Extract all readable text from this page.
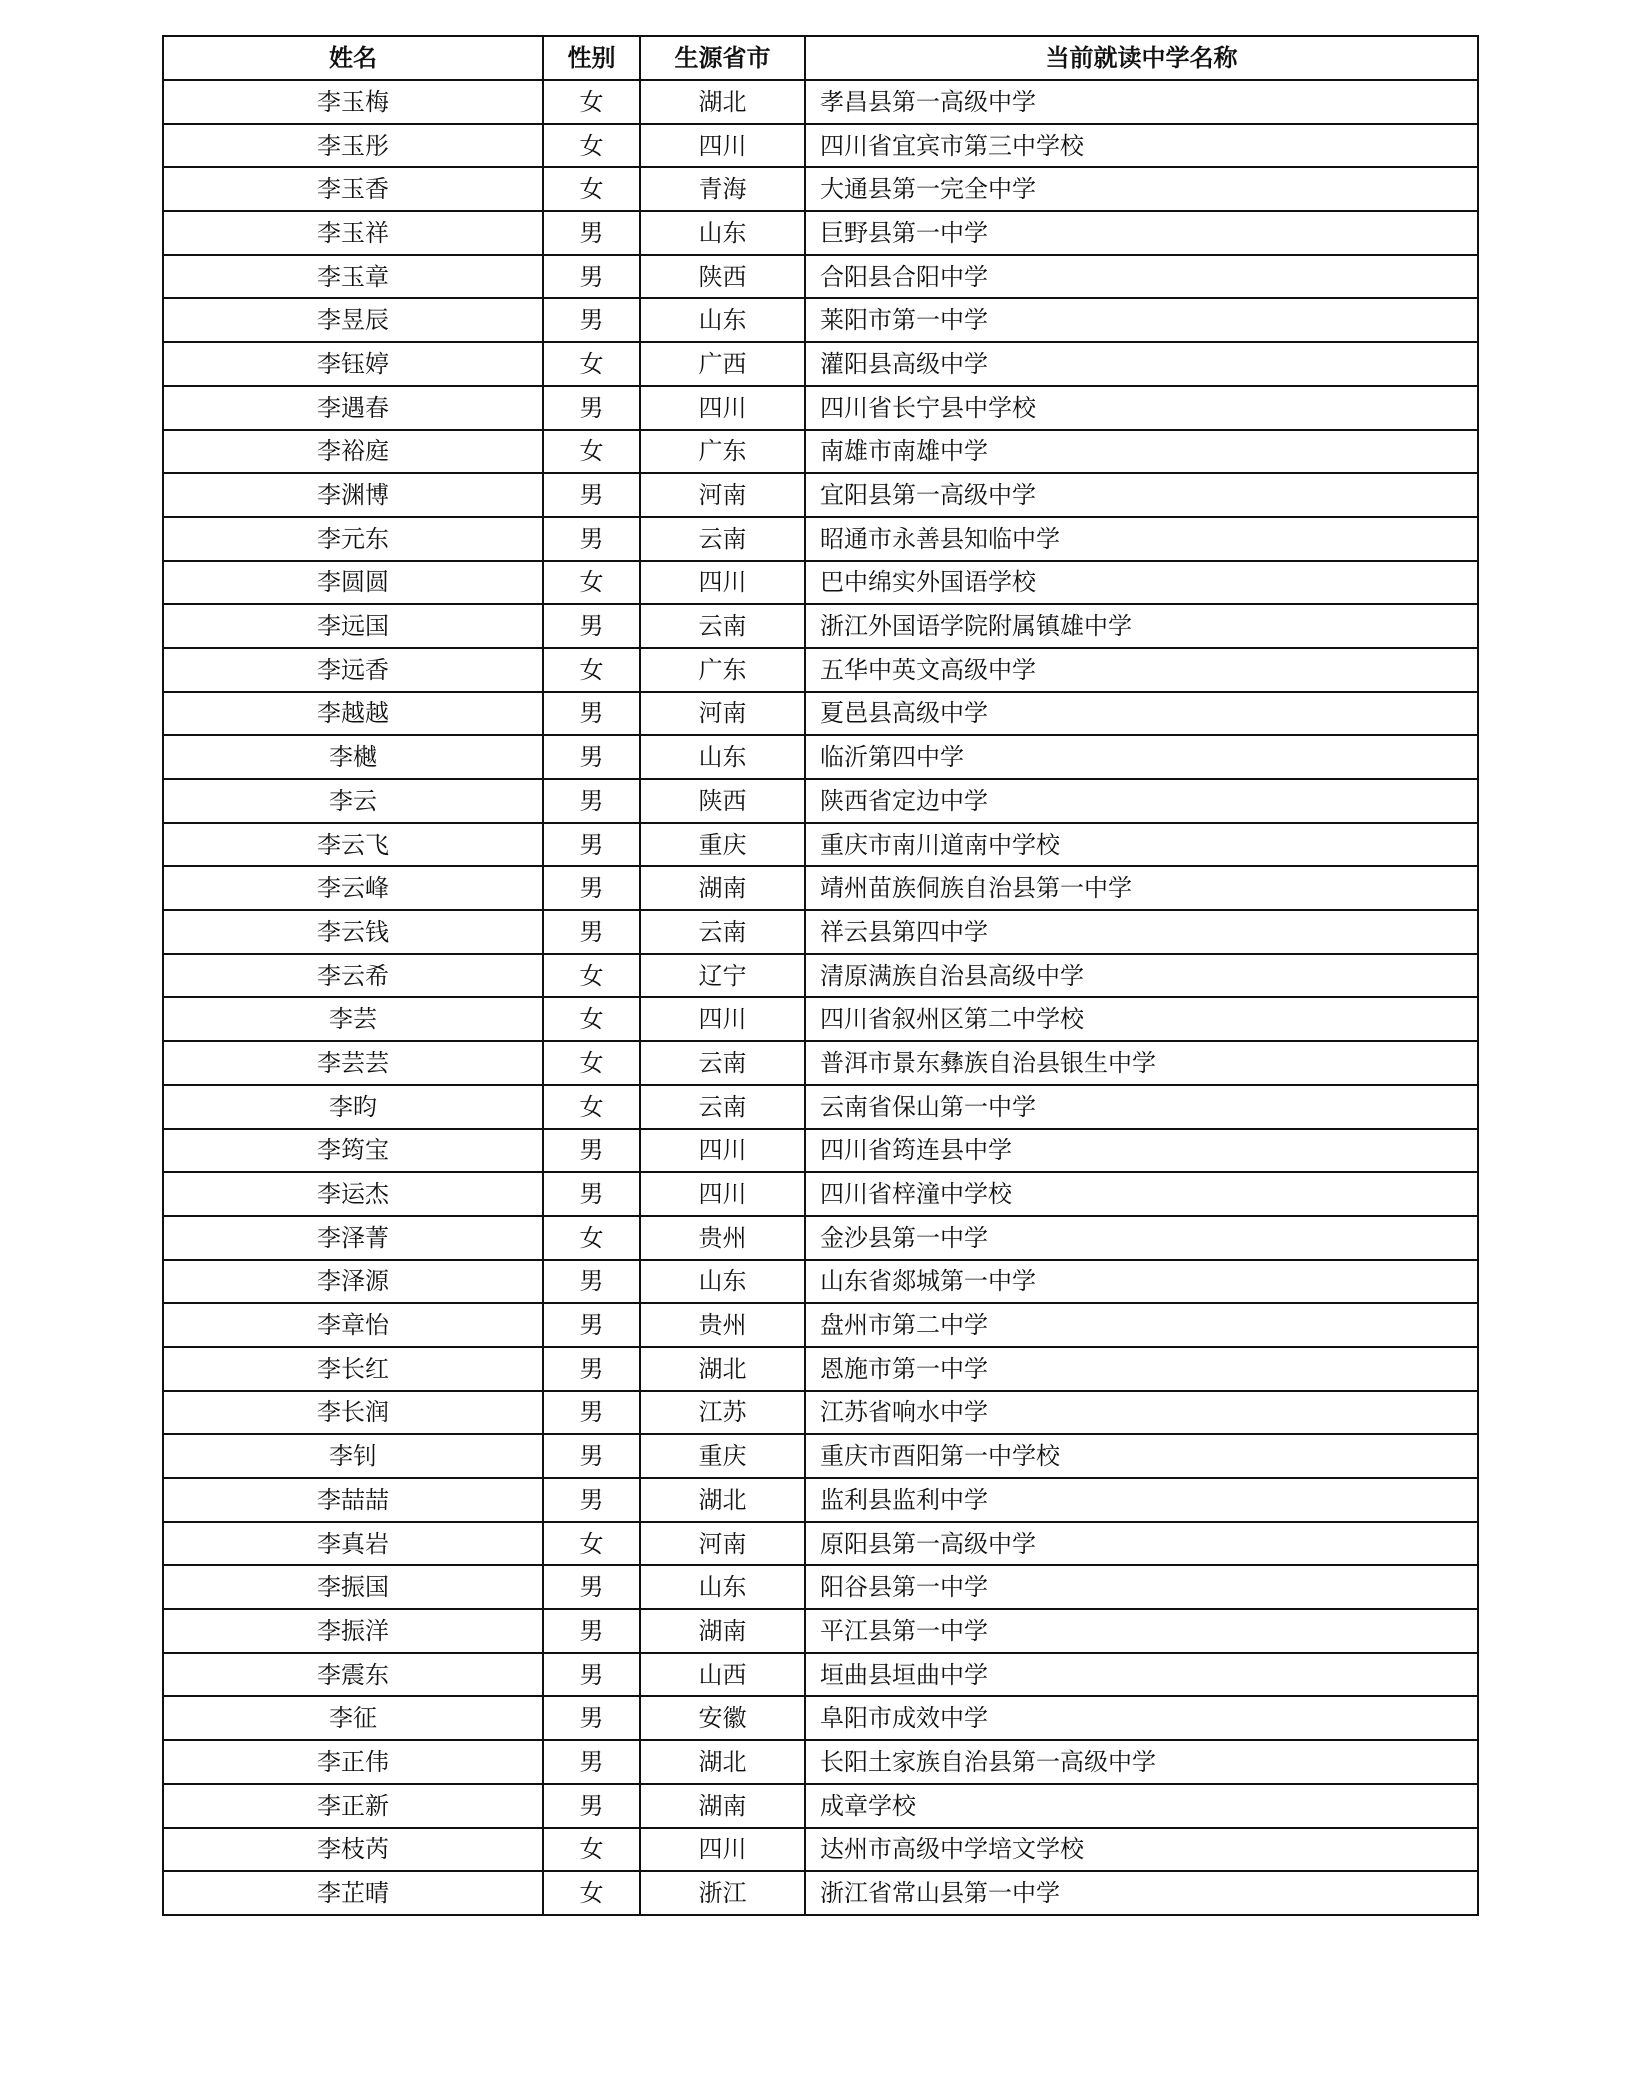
姓名	性别	生源省市	当前就读中学名称
李玉梅	女	湖北	孝昌县第一高级中学
李玉彤	女	四川	四川省宜宾市第三中学校
李玉香	女	青海	大通县第一完全中学
李玉祥	男	山东	巨野县第一中学
李玉章	男	陕西	合阳县合阳中学
李昱辰	男	山东	莱阳市第一中学
李钰婷	女	广西	灌阳县高级中学
李遇春	男	四川	四川省长宁县中学校
李裕庭	女	广东	南雄市南雄中学
李渊博	男	河南	宜阳县第一高级中学
李元东	男	云南	昭通市永善县知临中学
李圆圆	女	四川	巴中绵实外国语学校
李远国	男	云南	浙江外国语学院附属镇雄中学
李远香	女	广东	五华中英文高级中学
李越越	男	河南	夏邑县高级中学
李樾	男	山东	临沂第四中学
李云	男	陕西	陕西省定边中学
李云飞	男	重庆	重庆市南川道南中学校
李云峰	男	湖南	靖州苗族侗族自治县第一中学
李云钱	男	云南	祥云县第四中学
李云希	女	辽宁	清原满族自治县高级中学
李芸	女	四川	四川省叙州区第二中学校
李芸芸	女	云南	普洱市景东彝族自治县银生中学
李昀	女	云南	云南省保山第一中学
李筠宝	男	四川	四川省筠连县中学
李运杰	男	四川	四川省梓潼中学校
李泽菁	女	贵州	金沙县第一中学
李泽源	男	山东	山东省郯城第一中学
李章怡	男	贵州	盘州市第二中学
李长红	男	湖北	恩施市第一中学
李长润	男	江苏	江苏省响水中学
李钊	男	重庆	重庆市酉阳第一中学校
李喆喆	男	湖北	监利县监利中学
李真岩	女	河南	原阳县第一高级中学
李振国	男	山东	阳谷县第一中学
李振洋	男	湖南	平江县第一中学
李震东	男	山西	垣曲县垣曲中学
李征	男	安徽	阜阳市成效中学
李正伟	男	湖北	长阳土家族自治县第一高级中学
李正新	男	湖南	成章学校
李枝芮	女	四川	达州市高级中学培文学校
李芷晴	女	浙江	浙江省常山县第一中学
